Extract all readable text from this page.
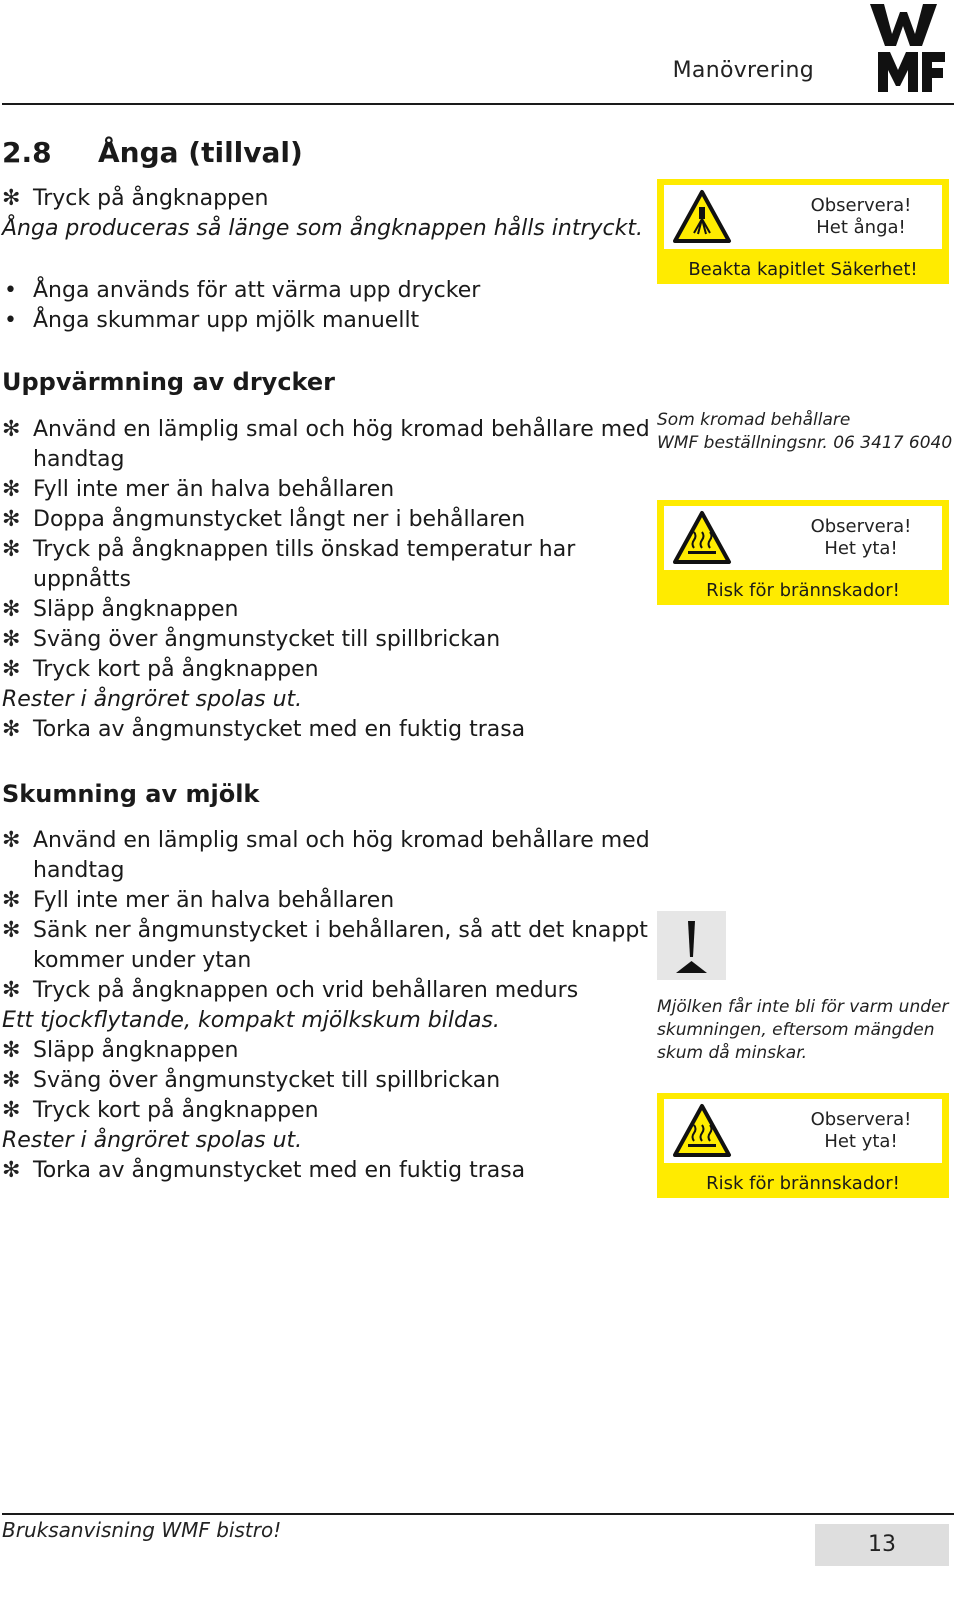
Manövrering
2.8 Ånga (tillval)
✻ Tryck på ångknappen
Ånga produceras så länge som ångknappen hålls intryckt.
• Ånga används för att värma upp drycker
• Ånga skummar upp mjölk manuellt
Observera!
Het ånga!
Beakta kapitlet Säkerhet!
Uppvärmning av drycker
✻ Använd en lämplig smal och hög kromad behållare med
handtag
✻ Fyll inte mer än halva behållaren
✻ Doppa ångmunstycket långt ner i behållaren
✻ Tryck på ångknappen tills önskad temperatur har
uppnåtts
✻ Släpp ångknappen
✻ Sväng över ångmunstycket till spillbrickan
✻ Tryck kort på ångknappen
Rester i ångröret spolas ut.
✻ Torka av ångmunstycket med en fuktig trasa
Som kromad behållare
WMF beställningsnr. 06 3417 6040
Observera!
Het yta!
Risk för brännskador!
Skumning av mjölk
✻ Använd en lämplig smal och hög kromad behållare med
handtag
✻ Fyll inte mer än halva behållaren
✻ Sänk ner ångmunstycket i behållaren, så att det knappt
kommer under ytan
✻ Tryck på ångknappen och vrid behållaren medurs
Ett tjockflytande, kompakt mjölkskum bildas.
✻ Släpp ångknappen
✻ Sväng över ångmunstycket till spillbrickan
✻ Tryck kort på ångknappen
Rester i ångröret spolas ut.
✻ Torka av ångmunstycket med en fuktig trasa
Mjölken får inte bli för varm under
skumningen, eftersom mängden
skum då minskar.
Observera!
Het yta!
Risk för brännskador!
Bruksanvisning WMF bistro!
13
